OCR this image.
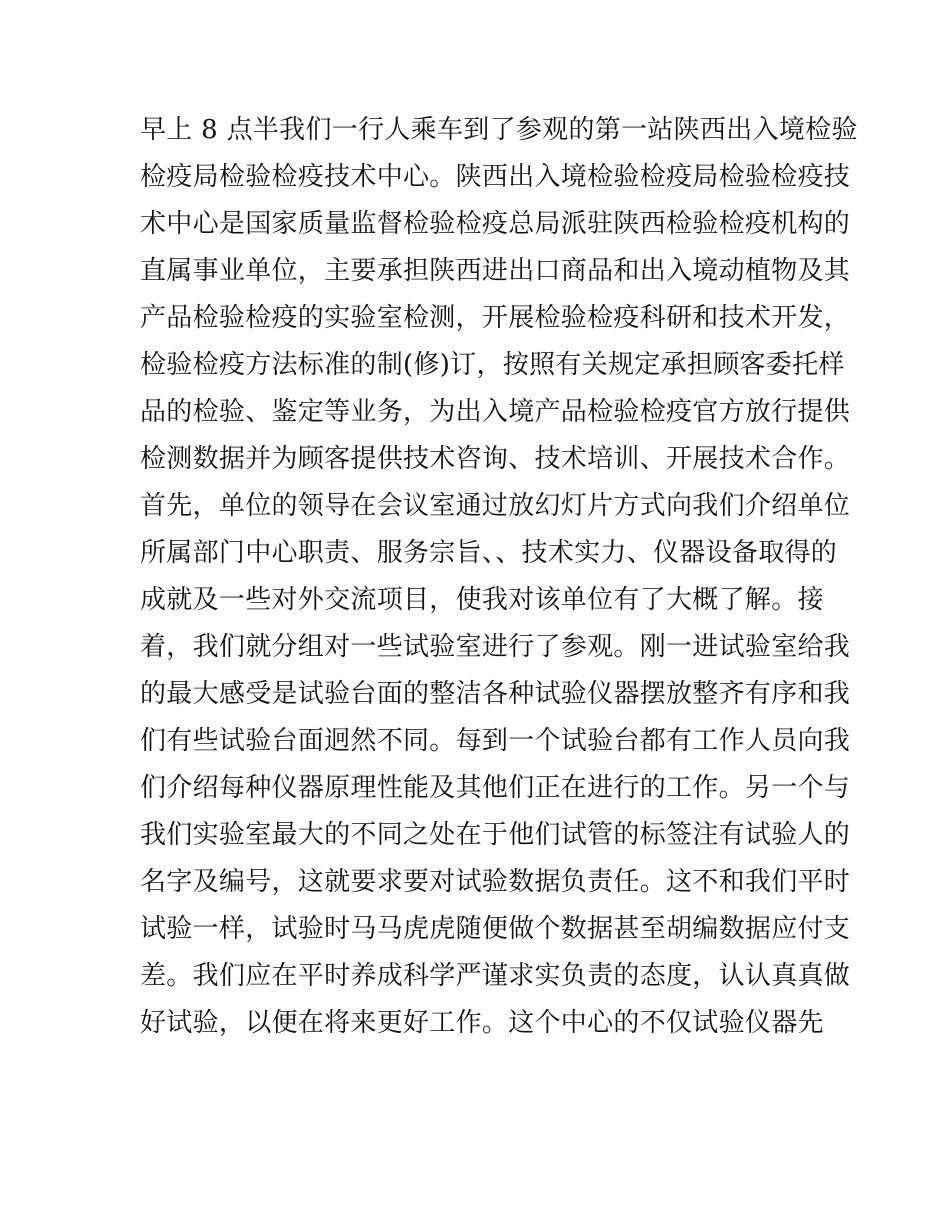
早上 8 点半我们一行人乘车到了参观的第一站陕西出入境检验
检疫局检验检疫技术中心。陕西出入境检验检疫局检验检疫技
术中心是国家质量监督检验检疫总局派驻陕西检验检疫机构的
直属事业单位，主要承担陕西进出口商品和出入境动植物及其
产品检验检疫的实验室检测，开展检验检疫科研和技术开发，
检验检疫方法标准的制(修)订，按照有关规定承担顾客委托样
品的检验、鉴定等业务，为出入境产品检验检疫官方放行提供
检测数据并为顾客提供技术咨询、技术培训、开展技术合作。
首先，单位的领导在会议室通过放幻灯片方式向我们介绍单位
所属部门中心职责、服务宗旨、、技术实力、仪器设备取得的
成就及一些对外交流项目，使我对该单位有了大概了解。接
着，我们就分组对一些试验室进行了参观。刚一进试验室给我
的最大感受是试验台面的整洁各种试验仪器摆放整齐有序和我
们有些试验台面迥然不同。每到一个试验台都有工作人员向我
们介绍每种仪器原理性能及其他们正在进行的工作。另一个与
我们实验室最大的不同之处在于他们试管的标签注有试验人的
名字及编号，这就要求要对试验数据负责任。这不和我们平时
试验一样，试验时马马虎虎随便做个数据甚至胡编数据应付支
差。我们应在平时养成科学严谨求实负责的态度，认认真真做
好试验，以便在将来更好工作。这个中心的不仅试验仪器先
